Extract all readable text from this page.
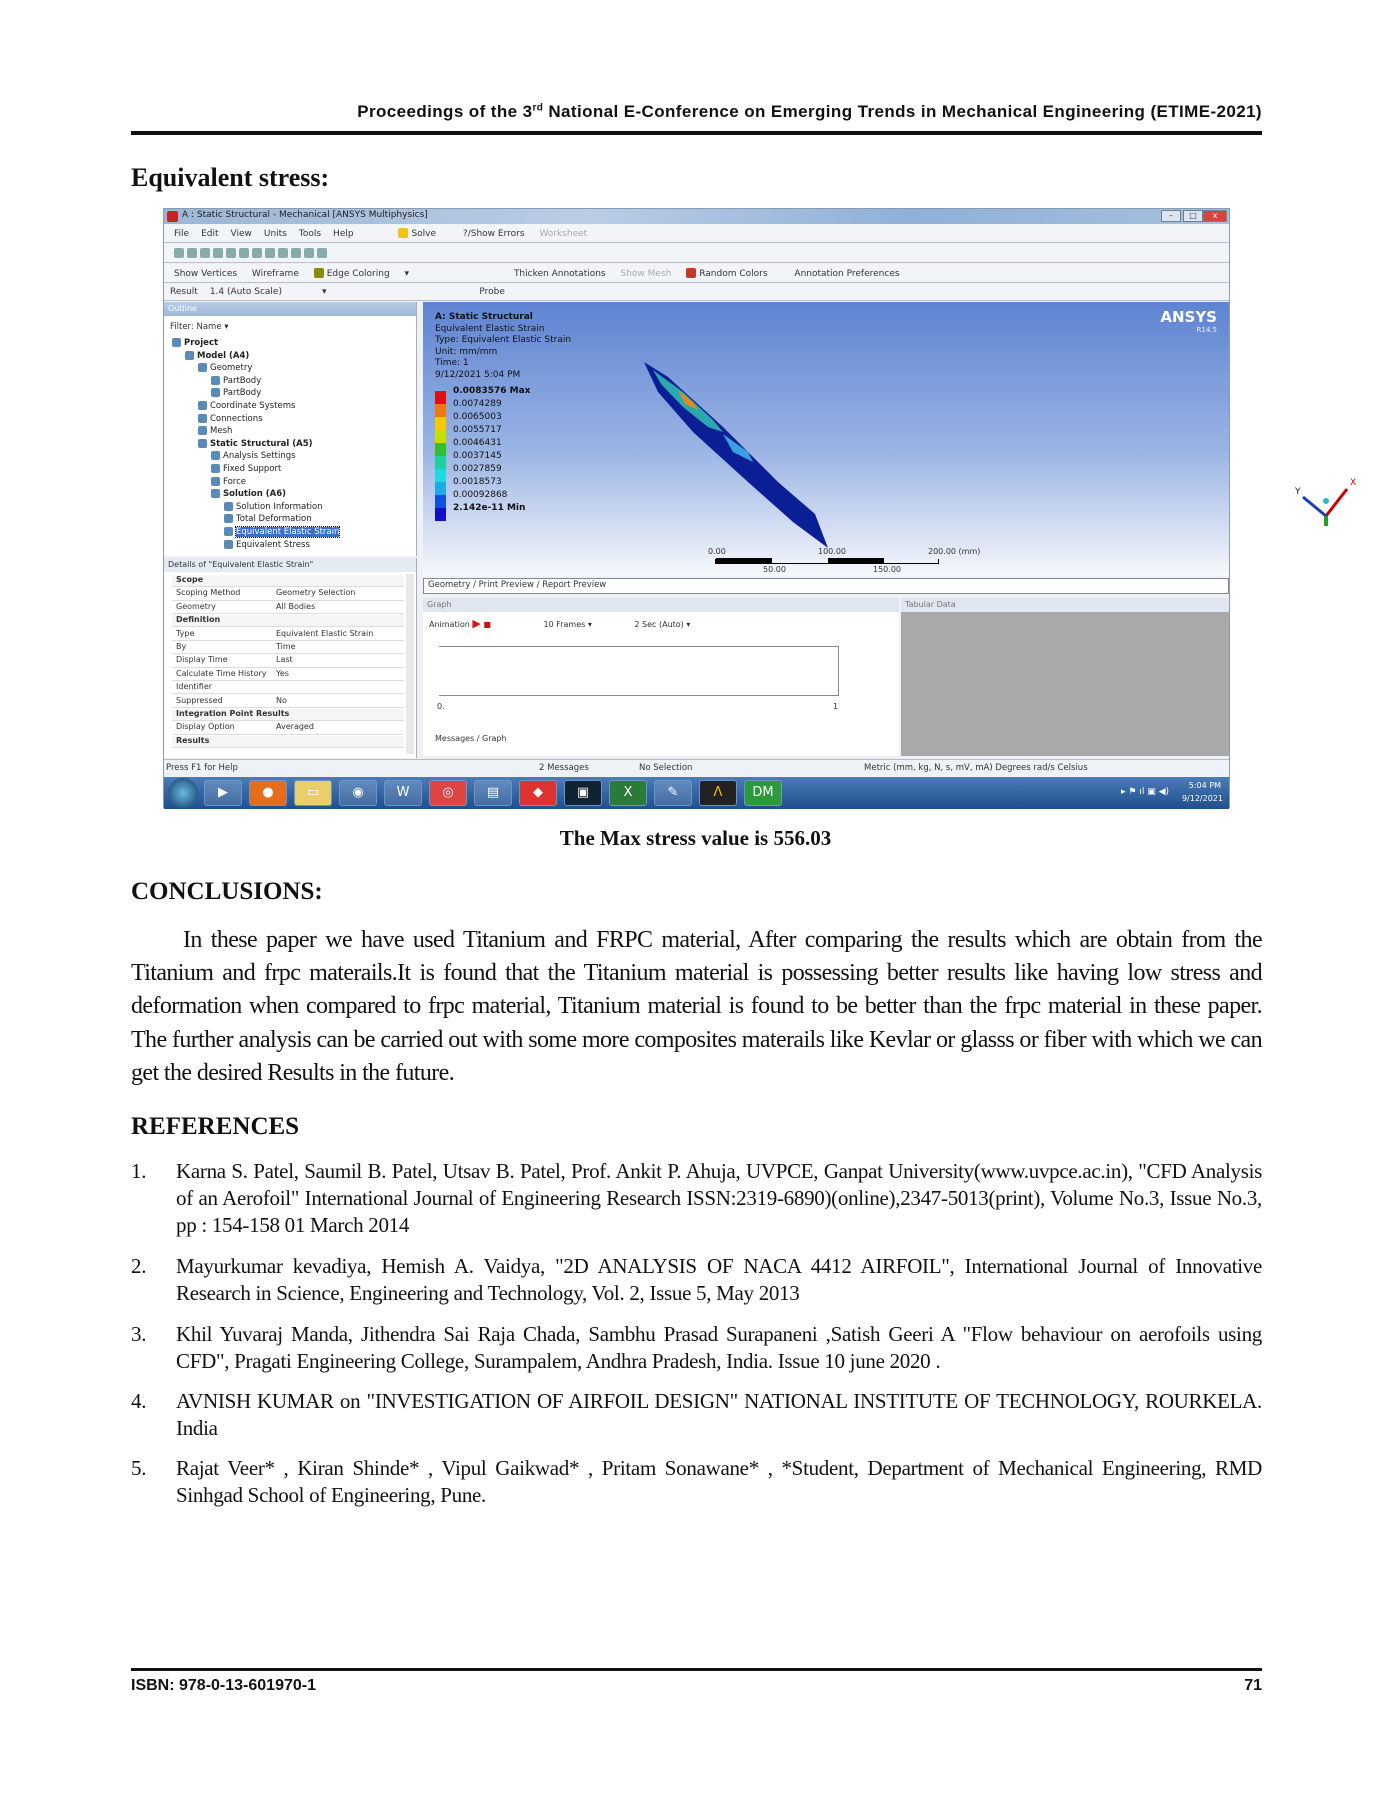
Proceedings of the 3rd National E-Conference on Emerging Trends in Mechanical Engineering (ETIME-2021)
Equivalent stress:
A : Static Structural - Mechanical [ANSYS Multiphysics]	–	□	x
File Edit View Units Tools Help	Solve	?/Show Errors Worksheet
Show Vertices Wireframe	Edge Coloring ▾	Thicken Annotations Show Mesh	Random Colors	Annotation Preferences
Result 1.4 (Auto Scale)	▾	Probe
Outline
Filter: Name ▾
Project
Model (A4)
Geometry
PartBody
PartBody
Coordinate Systems
Connections
Mesh
Static Structural (A5)
Analysis Settings
Fixed Support
Force
Solution (A6)
Solution Information
Total Deformation
Equivalent Elastic Strain
Equivalent Stress
Details of "Equivalent Elastic Strain"
Scope
Scoping Method	Geometry Selection
Geometry	All Bodies
Definition
Type	Equivalent Elastic Strain
By	Time
Display Time	Last
Calculate Time History Yes
Identifier
Suppressed	No
Integration Point Results
Display Option	Averaged
Results
A: Static Structural
Equivalent Elastic Strain
Type: Equivalent Elastic Strain
Unit: mm/mm
Time: 1
9/12/2021 5:04 PM
0.0083576 Max
0.0074289
0.0065003
0.0055717
0.0046431
0.0037145
0.0027859
0.0018573
0.00092868
2.142e-11 Min
ANSYS
R14.5
X
Y
0.00	100.00	200.00 (mm)
50.00	150.00
Geometry / Print Preview / Report Preview
Graph
Animation ▶ ■	10 Frames ▾	2 Sec (Auto) ▾
0.	1
Messages / Graph
Tabular Data
Press F1 for Help	2 Messages	No Selection	Metric (mm, kg, N, s, mV, mA) Degrees rad/s Celsius
▶	●	▭	◉	W	◎	▤	◆	▣	X	✎	Λ	DM	▸ ⚑ ıl ▣ ◀)
5:04 PM
9/12/2021
The Max stress value is 556.03
CONCLUSIONS:
In these paper we have used Titanium and FRPC material, After comparing the results which are obtain from the Titanium and frpc materails.It is found that the Titanium material is possessing better results like having low stress and deformation when compared to frpc material, Titanium material is found to be better than the frpc material in these paper. The further analysis can be carried out with some more composites materails like Kevlar or glasss or fiber with which we can get the desired Results in the future.
REFERENCES
1. Karna S. Patel, Saumil B. Patel, Utsav B. Patel, Prof. Ankit P. Ahuja, UVPCE, Ganpat University(www.uvpce.ac.in), "CFD Analysis of an Aerofoil" International Journal of Engineering Research ISSN:2319-6890)(online),2347-5013(print), Volume No.3, Issue No.3, pp : 154-158 01 March 2014
2. Mayurkumar kevadiya, Hemish A. Vaidya, "2D ANALYSIS OF NACA 4412 AIRFOIL", International Journal of Innovative Research in Science, Engineering and Technology, Vol. 2, Issue 5, May 2013
3. Khil Yuvaraj Manda, Jithendra Sai Raja Chada, Sambhu Prasad Surapaneni ,Satish Geeri A "Flow behaviour on aerofoils using CFD", Pragati Engineering College, Surampalem, Andhra Pradesh, India. Issue 10 june 2020 .
4. AVNISH KUMAR on "INVESTIGATION OF AIRFOIL DESIGN" NATIONAL INSTITUTE OF TECHNOLOGY, ROURKELA. India
5. Rajat Veer* , Kiran Shinde* , Vipul Gaikwad* , Pritam Sonawane* , *Student, Department of Mechanical Engineering, RMD Sinhgad School of Engineering, Pune.
ISBN: 978-0-13-601970-1	71
